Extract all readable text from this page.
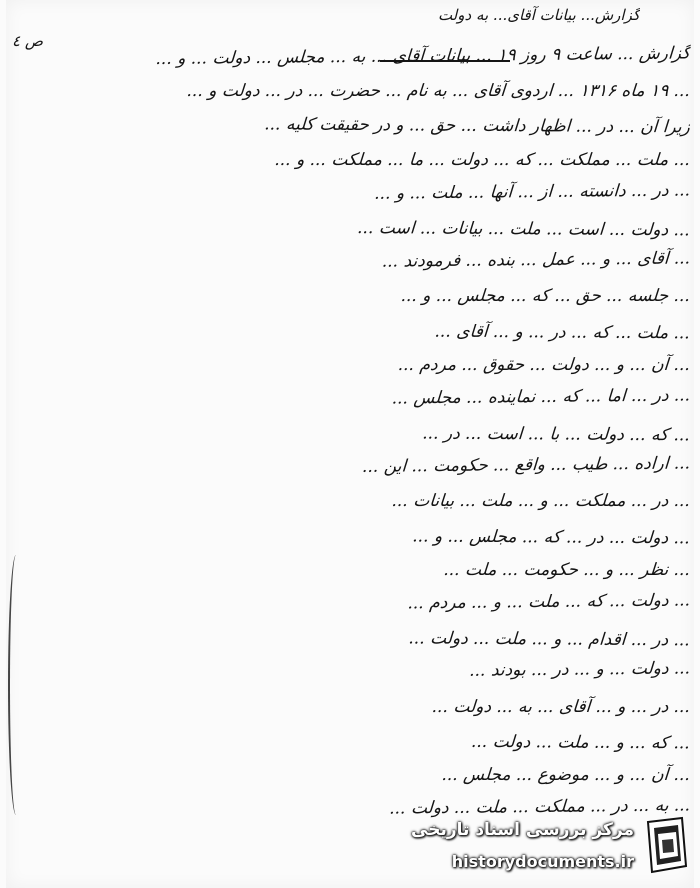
گزارش... بیانات آقای... به دولت
ص ٤
گزارش ... ساعت ۹ روز ۱۹ ... بیانات آقای ... به ... مجلس ... دولت ... و ...
... ۱۹ ماه ۱۳۱۶ ... اردوی آقای ... به نام ... حضرت ... در ... دولت و ...
زیرا آن ... در ... اظهار داشت ... حق ... و در حقیقت کلیه ...
... ملت ... مملکت ... که ... دولت ... ما ... مملکت ... و ...
... در ... دانسته ... از ... آنها ... ملت ... و ...
... دولت ... است ... ملت ... بیانات ... است ...
... آقای ... و ... عمل ... بنده ... فرمودند ...
... جلسه ... حق ... که ... مجلس ... و ...
... ملت ... که ... در ... و ... آقای ...
... آن ... و ... دولت ... حقوق ... مردم ...
... در ... اما ... که ... نماینده ... مجلس ...
... که ... دولت ... با ... است ... در ...
... اراده ... طیب ... واقع ... حکومت ... این ...
... در ... مملکت ... و ... ملت ... بیانات ...
... دولت ... در ... که ... مجلس ... و ...
... نظر ... و ... حکومت ... ملت ...
... دولت ... که ... ملت ... و ... مردم ...
... در ... اقدام ... و ... ملت ... دولت ...
... دولت ... و ... در ... بودند ...
... در ... و ... آقای ... به ... دولت ...
... که ... و ... ملت ... دولت ...
... آن ... و ... موضوع ... مجلس ...
... به ... در ... مملکت ... ملت ... دولت ...
مرکز بررسی اسناد تاریخی
historydocuments.ir
